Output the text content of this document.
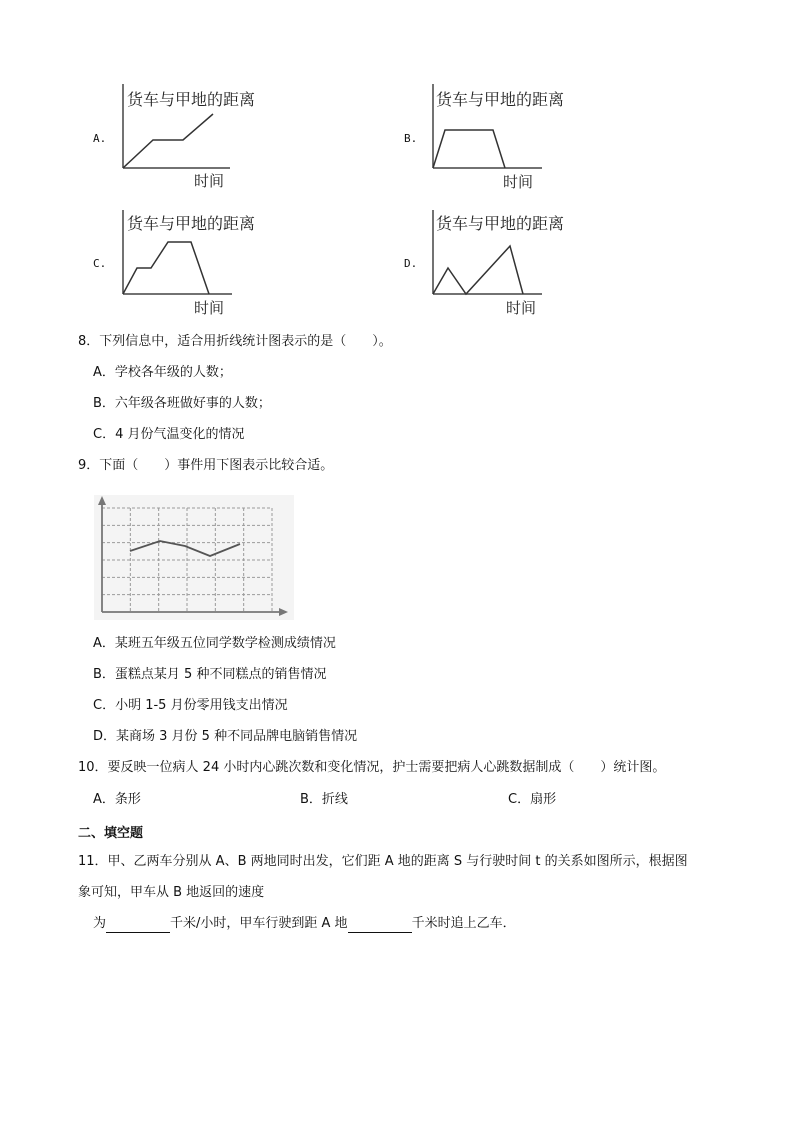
A.
货车与甲地的距离
时间
B.
货车与甲地的距离
时间
C.
货车与甲地的距离
时间
D.
货车与甲地的距离
时间
8．下列信息中，适合用折线统计图表示的是（　　）。
A．学校各年级的人数；
B．六年级各班做好事的人数；
C．4 月份气温变化的情况
9．下面（　　）事件用下图表示比较合适。
A．某班五年级五位同学数学检测成绩情况
B．蛋糕点某月 5 种不同糕点的销售情况
C．小明 1-5 月份零用钱支出情况
D．某商场 3 月份 5 种不同品牌电脑销售情况
10．要反映一位病人 24 小时内心跳次数和变化情况，护士需要把病人心跳数据制成（　　）统计图。
A．条形	B．折线	C．扇形
二、填空题
11．甲、乙两车分别从 A、B 两地同时出发，它们距 A 地的距离 S 与行驶时间 t 的关系如图所示，根据图
象可知，甲车从 B 地返回的速度
为	千米/小时，甲车行驶到距 A 地	千米时追上乙车．
